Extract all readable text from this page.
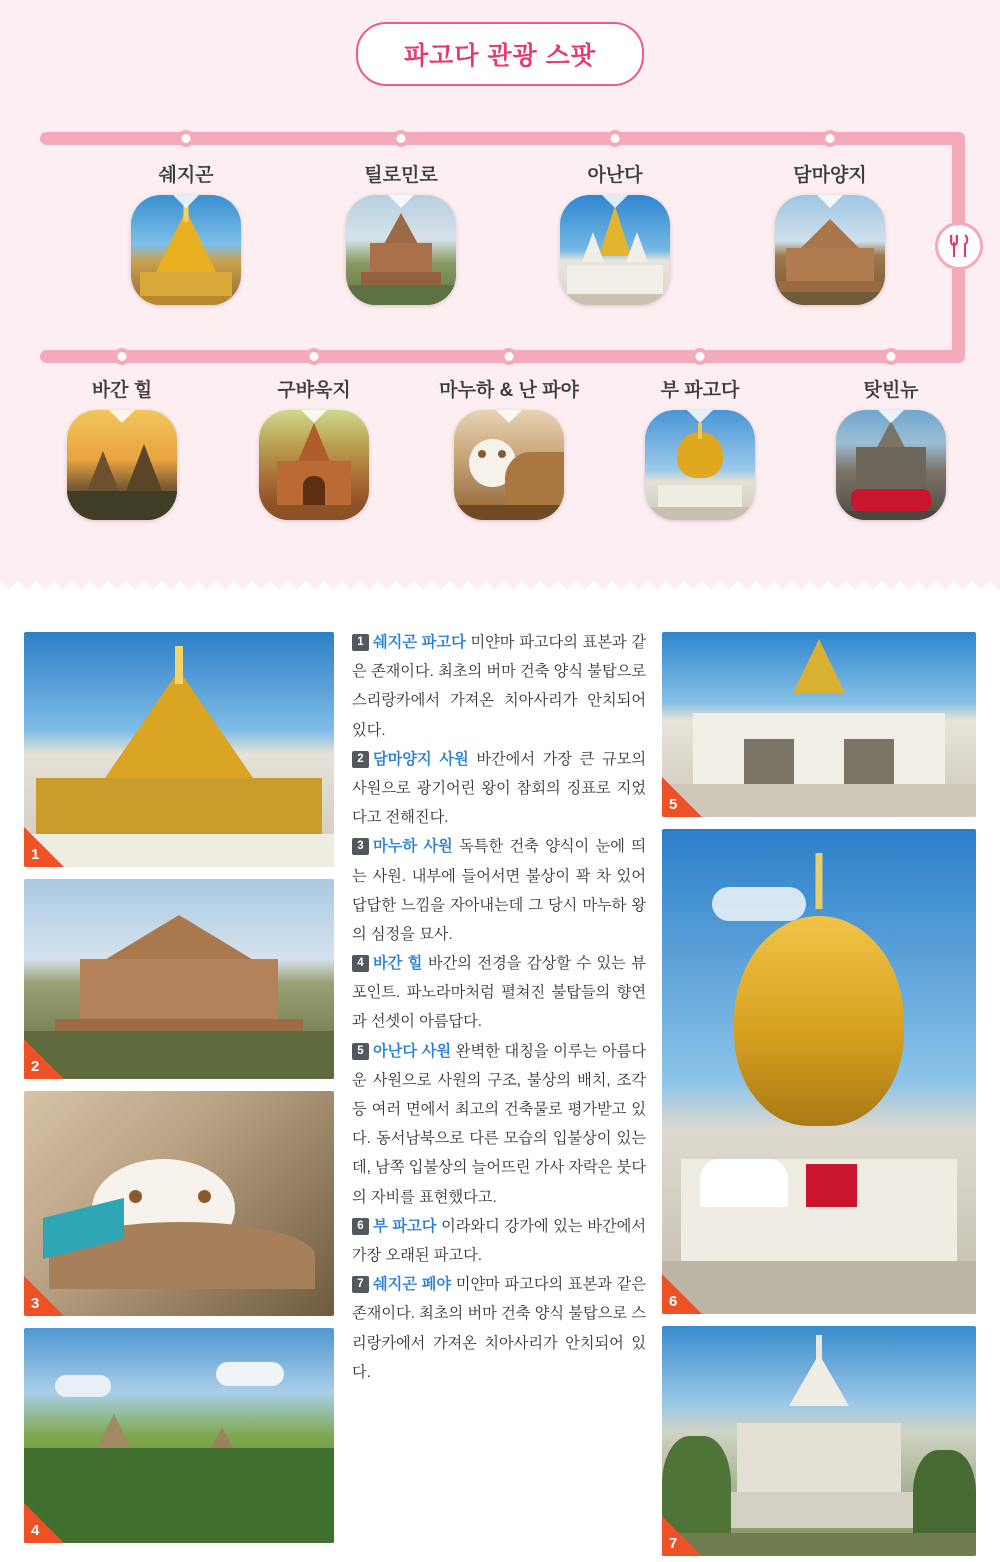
파고다 관광 스팟
쉐지곤	틸로민로	아난다	담마양지
바간 힐	구뱌욱지	마누하 & 난 파야	부 파고다	탓빈뉴
1
2
3
4

1 쉐지곤 파고다 미얀마 파고다의 표본과 같은 존재이다. 최초의 버마 건축 양식 불탑으로 스리랑카에서 가져온 치아사리가 안치되어 있다.

2 담마양지 사원 바간에서 가장 큰 규모의 사원으로 광기어린 왕이 참회의 징표로 지었다고 전해진다.

3 마누하 사원 독특한 건축 양식이 눈에 띄는 사원. 내부에 들어서면 불상이 꽉 차 있어 답답한 느낌을 자아내는데 그 당시 마누하 왕의 심정을 묘사.

4 바간 힐 바간의 전경을 감상할 수 있는 뷰포인트. 파노라마처럼 펼쳐진 불탑들의 향연과 선셋이 아름답다.

5 아난다 사원 완벽한 대칭을 이루는 아름다운 사원으로 사원의 구조, 불상의 배치, 조각 등 여러 면에서 최고의 건축물로 평가받고 있다. 동서남북으로 다른 모습의 입불상이 있는데, 남쪽 입불상의 늘어뜨린 가사 자락은 붓다의 자비를 표현했다고.

6 부 파고다 이라와디 강가에 있는 바간에서 가장 오래된 파고다.

7 쉐지곤 페야 미얀마 파고다의 표본과 같은 존재이다. 최초의 버마 건축 양식 불탑으로 스리랑카에서 가져온 치아사리가 안치되어 있다.

5
6
7
